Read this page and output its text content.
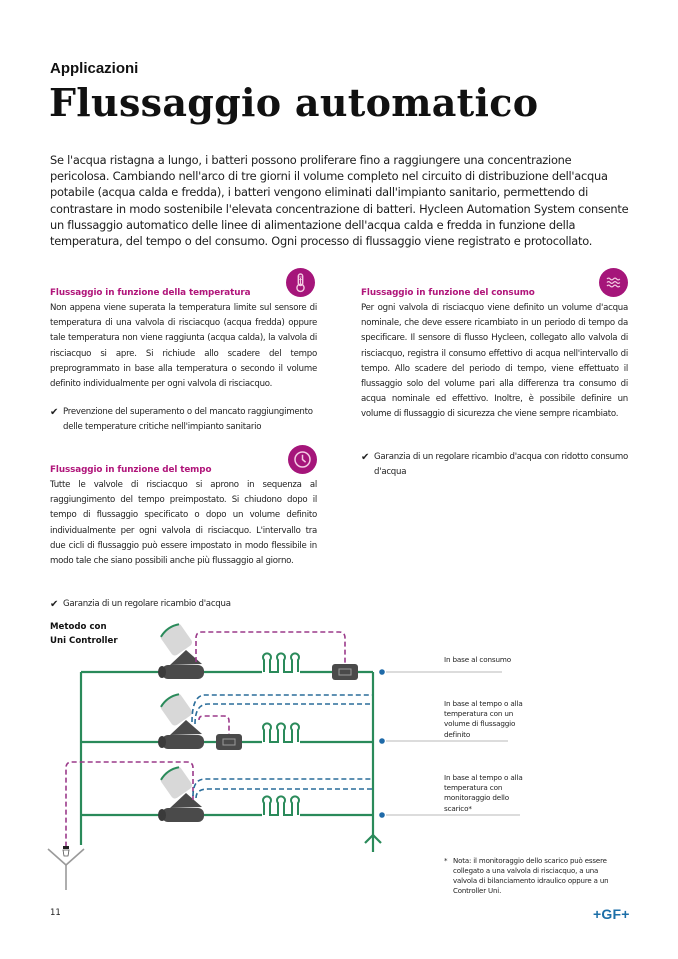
Applicazioni
Flussaggio automatico
Se l'acqua ristagna a lungo, i batteri possono proliferare fino a raggiungere una concentrazione pericolosa. Cambiando nell'arco di tre giorni il volume completo nel circuito di distribuzione dell'acqua potabile (acqua calda e fredda), i batteri vengono eliminati dall'impianto sanitario, permettendo di contrastare in modo sostenibile l'elevata concentrazione di batteri. Hycleen Automation System consente un flussaggio automatico delle linee di alimentazione dell'acqua calda e fredda in funzione della temperatura, del tempo o del consumo. Ogni processo di flussaggio viene registrato e protocollato.
Flussaggio in funzione della temperatura
Non appena viene superata la temperatura limite sul sensore di temperatura di una valvola di risciacquo (acqua fredda) oppure tale temperatura non viene raggiunta (acqua calda), la valvola di risciacquo si apre. Si richiude allo scadere del tempo preprogrammato in base alla temperatura o secondo il volume definito individualmente per ogni valvola di risciacquo.
✔ Prevenzione del superamento o del mancato raggiungimento delle temperature critiche nell'impianto sanitario
Flussaggio in funzione del tempo
Tutte le valvole di risciacquo si aprono in sequenza al raggiungimento del tempo preimpostato. Si chiudono dopo il tempo di flussaggio specificato o dopo un volume definito individualmente per ogni valvola di risciacquo. L'intervallo tra due cicli di flussaggio può essere impostato in modo flessibile in modo tale che siano possibili anche più flussaggio al giorno.
✔ Garanzia di un regolare ricambio d'acqua
Flussaggio in funzione del consumo
Per ogni valvola di risciacquo viene definito un volume d'acqua nominale, che deve essere ricambiato in un periodo di tempo da specificare. Il sensore di flusso Hycleen, collegato allo valvola di risciacquo, registra il consumo effettivo di acqua nell'intervallo di tempo. Allo scadere del periodo di tempo, viene effettuato il flussaggio solo del volume pari alla differenza tra consumo di acqua nominale ed effettivo. Inoltre, è possibile definire un volume di flussaggio di sicurezza che viene sempre ricambiato.
✔ Garanzia di un regolare ricambio d'acqua con ridotto consumo d'acqua
Metodo con
Uni Controller
In base al consumo
In base al tempo o alla temperatura con un volume di flussaggio definito
In base al tempo o alla temperatura con monitoraggio dello scarico*
* Nota: il monitoraggio dello scarico può essere collegato a una valvola di risciacquo, a una valvola di bilanciamento idraulico oppure a un Controller Uni.
11	+GF+
